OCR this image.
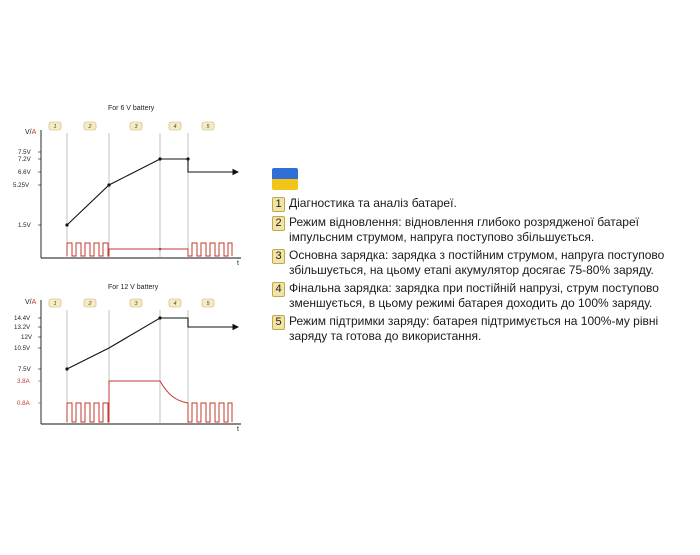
For 6 V battery
1	2	3	4	5
V/A
t
7.5V
7.2V
6.6V
5.25V
1.5V
For 12 V battery
1	2	3	4	5
V/A
t
14.4V
13.2V
12V
10.5V
7.5V
3.8A
0.8A
1 Діагностика та аналіз батареї.
2 Режим відновлення: відновлення глибоко розрядженої батареї імпульсним струмом, напруга поступово збільшується.
3 Основна зарядка: зарядка з постійним струмом, напруга поступово збільшується, на цьому етапі акумулятор досягає 75-80% заряду.
4 Фінальна зарядка: зарядка при постійній напрузі, струм поступово зменшується, в цьому режимі батарея доходить до 100% заряду.
5 Режим підтримки заряду: батарея підтримується на 100%-му рівні заряду та готова до використання.
